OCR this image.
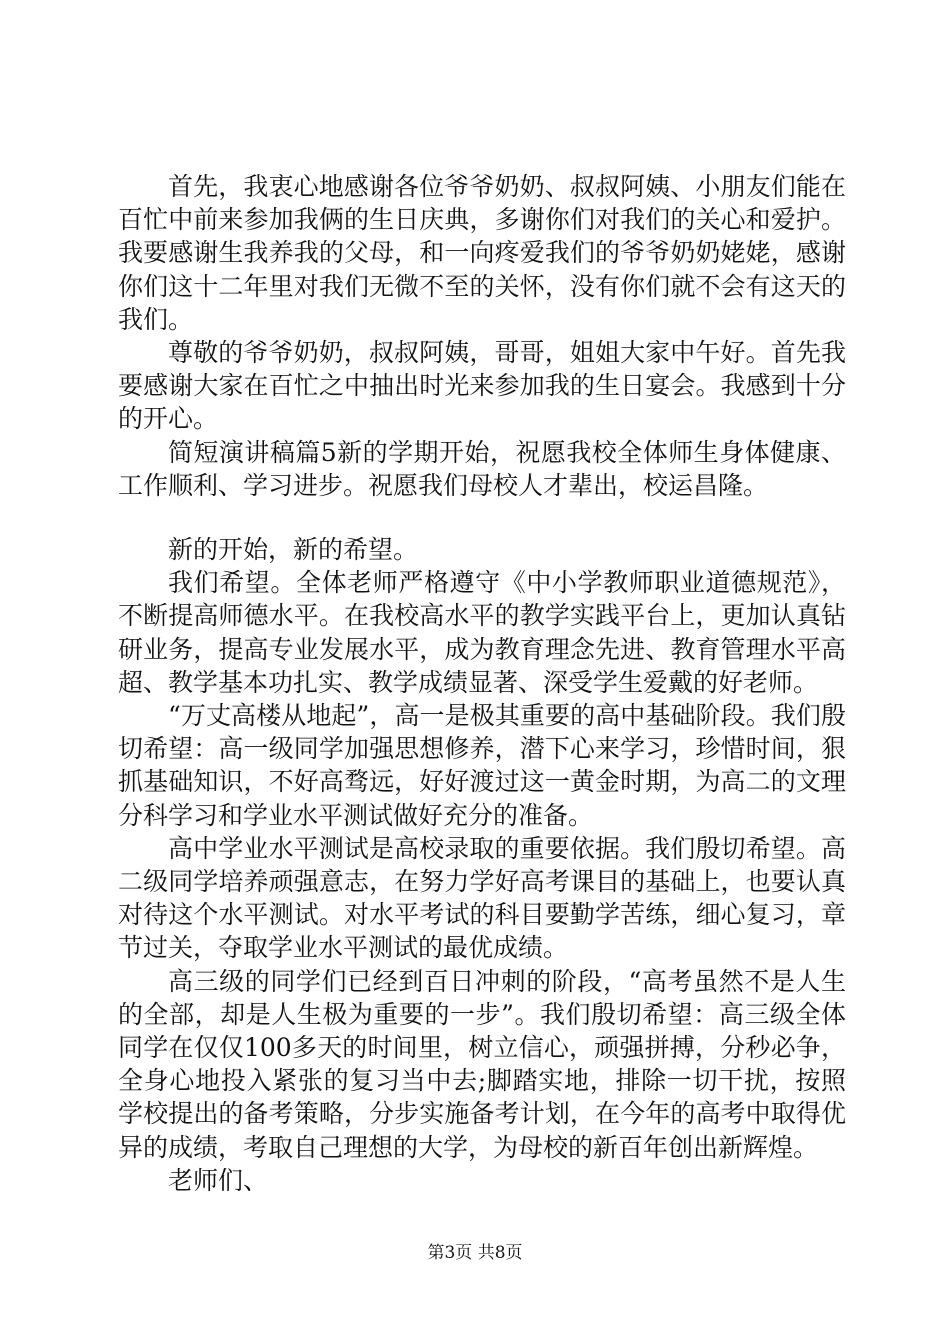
首先，我衷心地感谢各位爷爷奶奶、叔叔阿姨、小朋友们能在百忙中前来参加我俩的生日庆典，多谢你们对我们的关心和爱护。我要感谢生我养我的父母，和一向疼爱我们的爷爷奶奶姥姥，感谢你们这十二年里对我们无微不至的关怀，没有你们就不会有这天的我们。

尊敬的爷爷奶奶，叔叔阿姨，哥哥，姐姐大家中午好。首先我要感谢大家在百忙之中抽出时光来参加我的生日宴会。我感到十分的开心。

简短演讲稿篇5新的学期开始，祝愿我校全体师生身体健康、工作顺利、学习进步。祝愿我们母校人才辈出，校运昌隆。

新的开始，新的希望。

我们希望。全体老师严格遵守《中小学教师职业道德规范》，不断提高师德水平。在我校高水平的教学实践平台上，更加认真钻研业务，提高专业发展水平，成为教育理念先进、教育管理水平高超、教学基本功扎实、教学成绩显著、深受学生爱戴的好老师。

“万丈高楼从地起”，高一是极其重要的高中基础阶段。我们殷切希望：高一级同学加强思想修养，潜下心来学习，珍惜时间，狠抓基础知识，不好高骛远，好好渡过这一黄金时期，为高二的文理分科学习和学业水平测试做好充分的准备。

高中学业水平测试是高校录取的重要依据。我们殷切希望。高二级同学培养顽强意志，在努力学好高考课目的基础上，也要认真对待这个水平测试。对水平考试的科目要勤学苦练，细心复习，章节过关，夺取学业水平测试的最优成绩。

高三级的同学们已经到百日冲刺的阶段，“高考虽然不是人生的全部，却是人生极为重要的一步”。我们殷切希望：高三级全体同学在仅仅100多天的时间里，树立信心，顽强拼搏，分秒必争，全身心地投入紧张的复习当中去;脚踏实地，排除一切干扰，按照学校提出的备考策略，分步实施备考计划，在今年的高考中取得优异的成绩，考取自己理想的大学，为母校的新百年创出新辉煌。

老师们、

第3页 共8页
